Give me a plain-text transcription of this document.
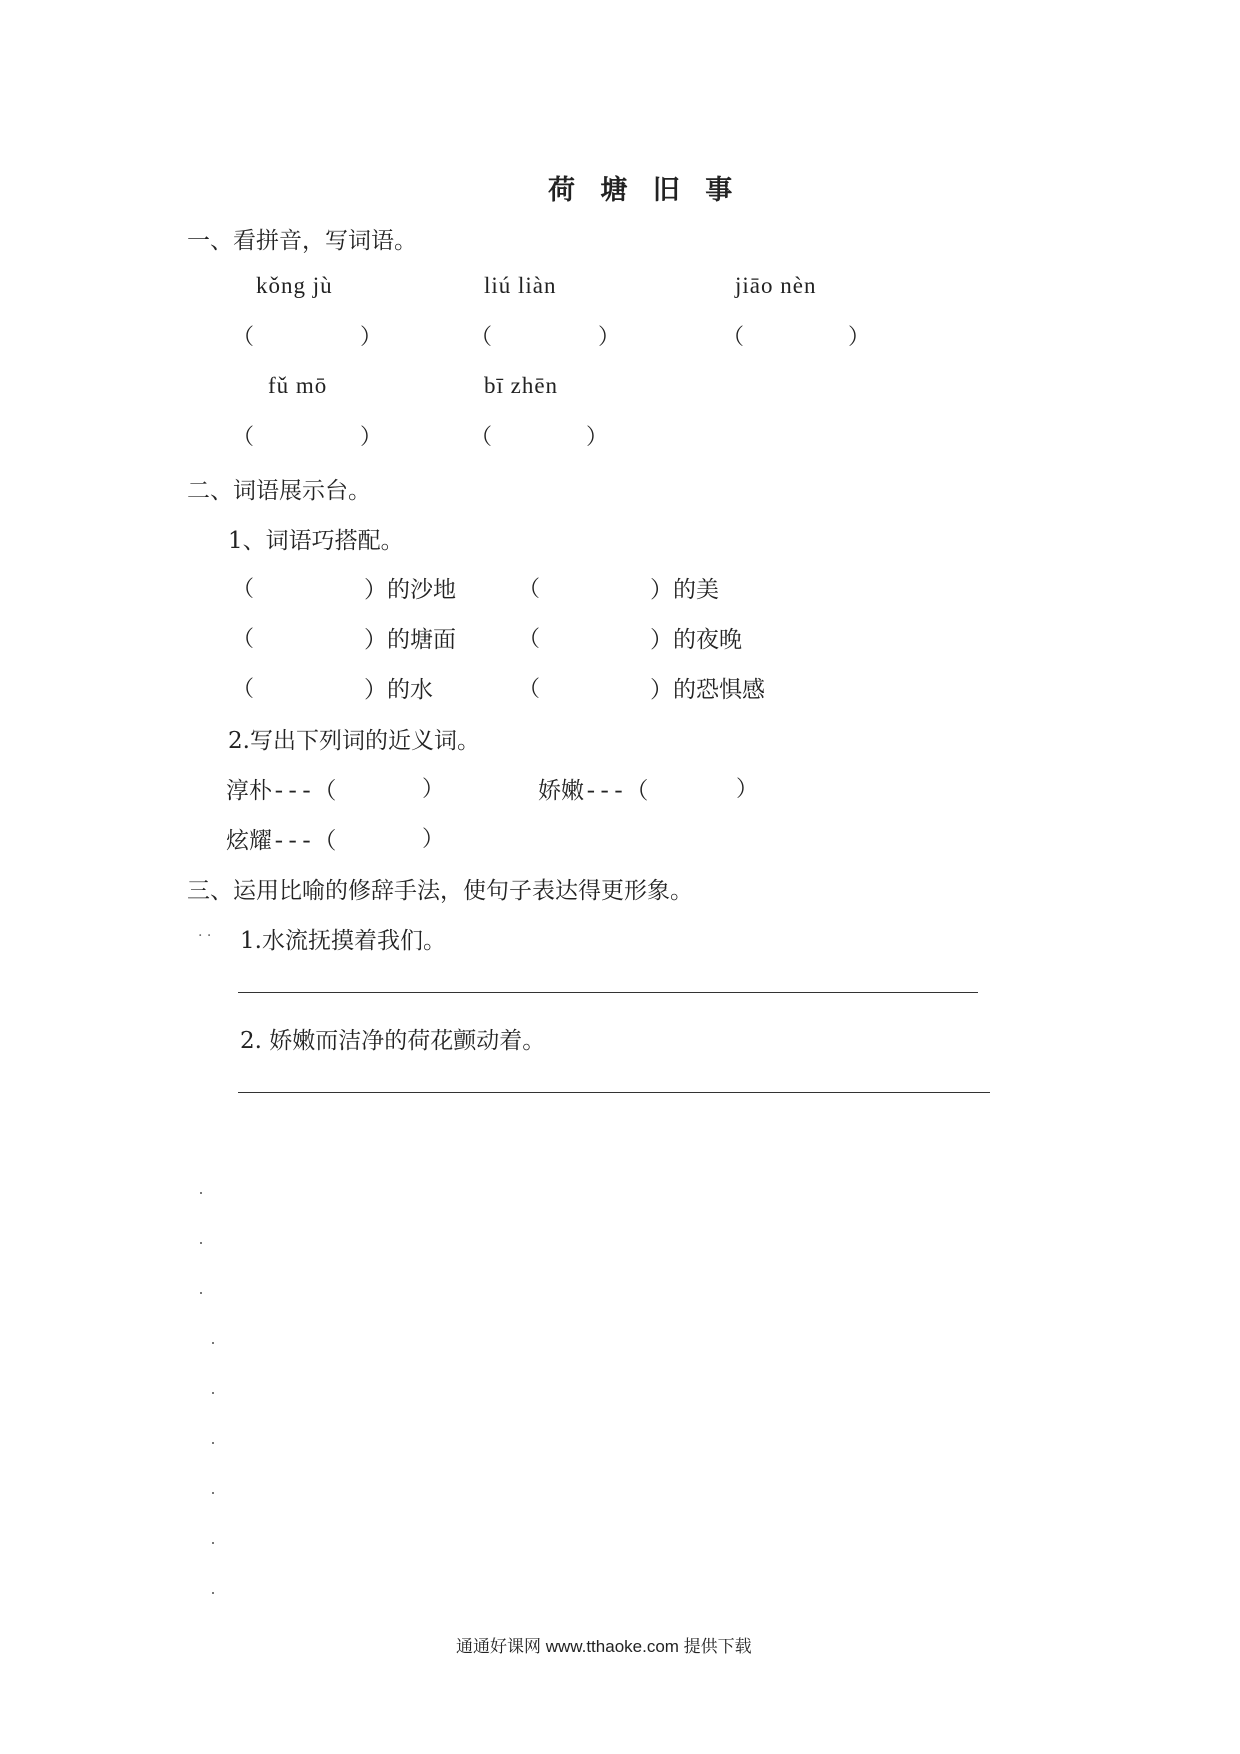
荷 塘 旧 事
一、看拼音，写词语。
kǒng jù	liú liàn	jiāo nèn
（	）	（	）	（	）
fǔ mō	bī zhēn
（	）	（	）
二、词语展示台。
1、词语巧搭配。
（	）的沙地	（	）的美
（	）的塘面	（	）的夜晚
（	）的水	（	）的恐惧感
2.写出下列词的近义词。
淳朴---（	）	娇嫩---（	）
炫耀---（	）
三、运用比喻的修辞手法，使句子表达得更形象。
. . 1.水流抚摸着我们。
2. 娇嫩而洁净的荷花颤动着。
通通好课网 www.tthaoke.com 提供下载
